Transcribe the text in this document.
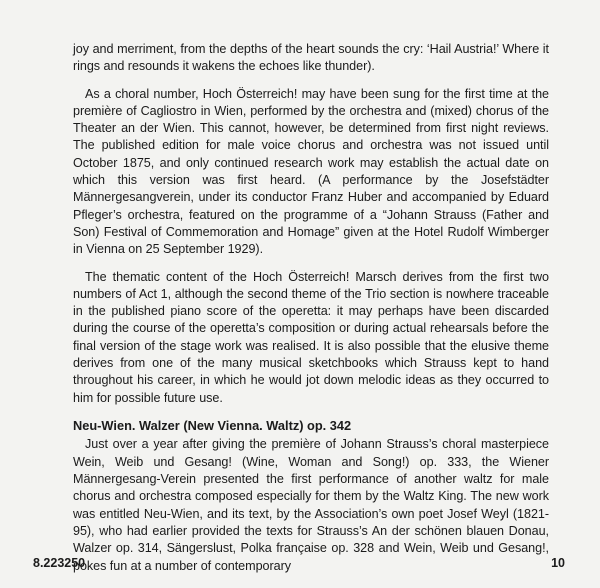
joy and merriment, from the depths of the heart sounds the cry: ‘Hail Austria!’ Where it rings and resounds it wakens the echoes like thunder).

As a choral number, Hoch Österreich! may have been sung for the first time at the première of Cagliostro in Wien, performed by the orchestra and (mixed) chorus of the Theater an der Wien. This cannot, however, be determined from first night reviews. The published edition for male voice chorus and orchestra was not issued until October 1875, and only continued research work may establish the actual date on which this version was first heard. (A performance by the Josefstädter Männergesangverein, under its conductor Franz Huber and accompanied by Eduard Pfleger’s orchestra, featured on the programme of a “Johann Strauss (Father and Son) Festival of Commemoration and Homage” given at the Hotel Rudolf Wimberger in Vienna on 25 September 1929).

The thematic content of the Hoch Österreich! Marsch derives from the first two numbers of Act 1, although the second theme of the Trio section is nowhere traceable in the published piano score of the operetta: it may perhaps have been discarded during the course of the operetta’s composition or during actual rehearsals before the final version of the stage work was realised. It is also possible that the elusive theme derives from one of the many musical sketchbooks which Strauss kept to hand throughout his career, in which he would jot down melodic ideas as they occurred to him for possible future use.

Neu-Wien. Walzer (New Vienna. Waltz) op. 342

Just over a year after giving the première of Johann Strauss’s choral masterpiece Wein, Weib und Gesang! (Wine, Woman and Song!) op. 333, the Wiener Männergesang-Verein presented the first performance of another waltz for male chorus and orchestra composed especially for them by the Waltz King. The new work was entitled Neu-Wien, and its text, by the Association’s own poet Josef Weyl (1821-95), who had earlier provided the texts for Strauss’s An der schönen blauen Donau, Walzer op. 314, Sängerslust, Polka française op. 328 and Wein, Weib und Gesang!, pokes fun at a number of contemporary

8.223250	10
